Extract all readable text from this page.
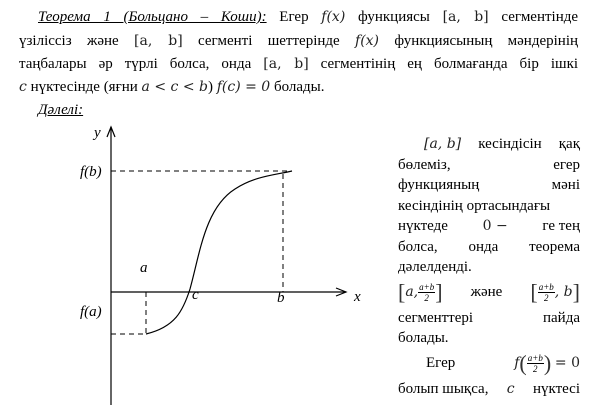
Теорема 1 (Больцано – Коши): Егер f(x) функциясы [a, b] сегментінде
үзіліссіз және [a, b] сегменті шеттерінде f(x) функциясының мәндерінің
таңбалары әр түрлі болса, онда [a, b] сегментінің ең болмағанда бір ішкі
c нүктесінде (яғни a < c < b) f(c) = 0 болады.
Дәлелі:
y
x
f(b)
f(a)
a
b
c
[a, b] кесіндісін қақ
бөлеміз,	егер
функцияның	мәні
кесіндінің ортасындағы
нүктеде 0 − ге тең
болса, онда теорема
дәлелденді.
[a, $\frac{a+b}{2}$ ] және [ $\frac{a+b}{2}$ , b]
сегменттері	пайда
болады.
Егер	$f( \frac{a+b}{2}$ ) = 0
болып шықса, c нүктесі
